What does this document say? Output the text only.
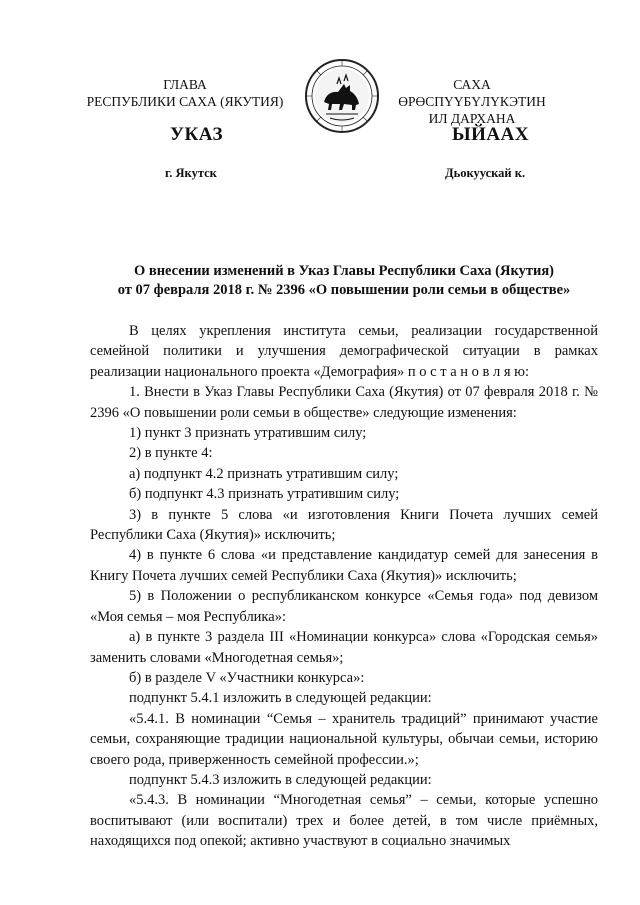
ГЛАВА
РЕСПУБЛИКИ САХА (ЯКУТИЯ)
САХА ӨРӨСПҮҮБҮЛҮКЭТИН
ИЛ ДАРХАНА
УКАЗ	ЫЙААХ
г. Якутск	Дьокуускай к.
О внесении изменений в Указ Главы Республики Саха (Якутия)
от 07 февраля 2018 г. № 2396 «О повышении роли семьи в обществе»

В целях укрепления института семьи, реализации государственной семейной политики и улучшения демографической ситуации в рамках реализации национального проекта «Демография» п о с т а н о в л я ю:

1. Внести в Указ Главы Республики Саха (Якутия) от 07 февраля 2018 г. № 2396 «О повышении роли семьи в обществе» следующие изменения:

1) пункт 3 признать утратившим силу;

2) в пункте 4:

а) подпункт 4.2 признать утратившим силу;

б) подпункт 4.3 признать утратившим силу;

3) в пункте 5 слова «и изготовления Книги Почета лучших семей Республики Саха (Якутия)» исключить;

4) в пункте 6 слова «и представление кандидатур семей для занесения в Книгу Почета лучших семей Республики Саха (Якутия)» исключить;

5) в Положении о республиканском конкурсе «Семья года» под девизом «Моя семья – моя Республика»:

а) в пункте 3 раздела III «Номинации конкурса» слова «Городская семья» заменить словами «Многодетная семья»;

б) в разделе V «Участники конкурса»:

подпункт 5.4.1 изложить в следующей редакции:

«5.4.1. В номинации “Семья – хранитель традиций” принимают участие семьи, сохраняющие традиции национальной культуры, обычаи семьи, историю своего рода, приверженность семейной профессии.»;

подпункт 5.4.3 изложить в следующей редакции:

«5.4.3. В номинации “Многодетная семья” – семьи, которые успешно воспитывают (или воспитали) трех и более детей, в том числе приёмных, находящихся под опекой; активно участвуют в социально значимых
